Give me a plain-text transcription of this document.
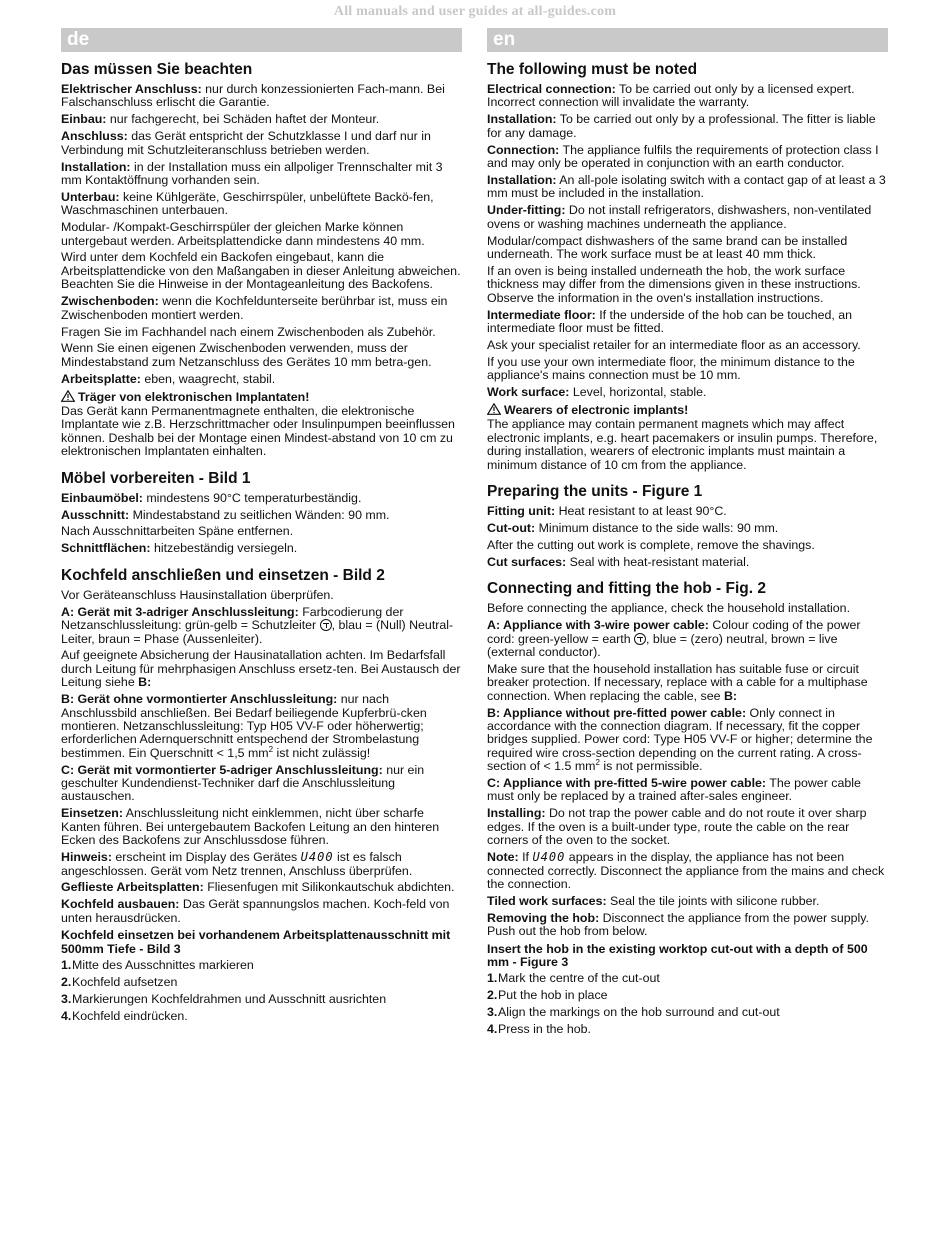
All manuals and user guides at all-guides.com
de
Das müssen Sie beachten

Elektrischer Anschluss: nur durch konzessionierten Fach-mann. Bei Falschanschluss erlischt die Garantie.

Einbau: nur fachgerecht, bei Schäden haftet der Monteur.

Anschluss: das Gerät entspricht der Schutzklasse I und darf nur in Verbindung mit Schutzleiteranschluss betrieben werden.

Installation: in der Installation muss ein allpoliger Trennschalter mit 3 mm Kontaktöffnung vorhanden sein.

Unterbau: keine Kühlgeräte, Geschirrspüler, unbelüftete Backö-fen, Waschmaschinen unterbauen.

Modular- /Kompakt-Geschirrspüler der gleichen Marke können untergebaut werden. Arbeitsplattendicke dann mindestens 40 mm.

Wird unter dem Kochfeld ein Backofen eingebaut, kann die Arbeitsplattendicke von den Maßangaben in dieser Anleitung abweichen. Beachten Sie die Hinweise in der Montageanleitung des Backofens.

Zwischenboden: wenn die Kochfeldunterseite berührbar ist, muss ein Zwischenboden montiert werden.

Fragen Sie im Fachhandel nach einem Zwischenboden als Zubehör.

Wenn Sie einen eigenen Zwischenboden verwenden, muss der Mindestabstand zum Netzanschluss des Gerätes 10 mm betra-gen.

Arbeitsplatte: eben, waagrecht, stabil.

Träger von elektronischen Implantaten!

Das Gerät kann Permanentmagnete enthalten, die elektronische Implantate wie z.B. Herzschrittmacher oder Insulinpumpen beeinflussen können. Deshalb bei der Montage einen Mindest-abstand von 10 cm zu elektronischen Implantaten einhalten.

Möbel vorbereiten - Bild 1

Einbaumöbel: mindestens 90°C temperaturbeständig.

Ausschnitt: Mindestabstand zu seitlichen Wänden: 90 mm.

Nach Ausschnittarbeiten Späne entfernen.

Schnittflächen: hitzebeständig versiegeln.

Kochfeld anschließen und einsetzen - Bild 2

Vor Geräteanschluss Hausinstallation überprüfen.

A: Gerät mit 3-adriger Anschlussleitung: Farbcodierung der Netzanschlussleitung: grün-gelb = Schutzleiter , blau = (Null) Neutral-Leiter, braun = Phase (Aussenleiter).

Auf geeignete Absicherung der Hausinatallation achten. Im Bedarfsfall durch Leitung für mehrphasigen Anschluss ersetz-ten. Bei Austausch der Leitung siehe B:

B: Gerät ohne vormontierter Anschlussleitung: nur nach Anschlussbild anschließen. Bei Bedarf beiliegende Kupferbrü-cken montieren. Netzanschlussleitung: Typ H05 VV-F oder höherwertig; erforderlichen Adernquerschnitt entspechend der Strombelastung bestimmen. Ein Querschnitt < 1,5 $mm^2$ ist nicht zulässig!

C: Gerät mit vormontierter 5-adriger Anschlussleitung: nur ein geschulter Kundendienst-Techniker darf die Anschlussleitung austauschen.

Einsetzen: Anschlussleitung nicht einklemmen, nicht über scharfe Kanten führen. Bei untergebautem Backofen Leitung an den hinteren Ecken des Backofens zur Anschlussdose führen.

Hinweis: erscheint im Display des Gerätes U400 ist es falsch angeschlossen. Gerät vom Netz trennen, Anschluss überprüfen.

Geflieste Arbeitsplatten: Fliesenfugen mit Silikonkautschuk abdichten.

Kochfeld ausbauen: Das Gerät spannungslos machen. Koch-feld von unten herausdrücken.

Kochfeld einsetzen bei vorhandenem Arbeitsplattenausschnitt mit 500mm Tiefe - Bild 3
1.Mitte des Ausschnittes markieren
2.Kochfeld aufsetzen
3.Markierungen Kochfeldrahmen und Ausschnitt ausrichten
4.Kochfeld eindrücken.
en
The following must be noted

Electrical connection: To be carried out only by a licensed expert. Incorrect connection will invalidate the warranty.

Installation: To be carried out only by a professional. The fitter is liable for any damage.

Connection: The appliance fulfils the requirements of protection class I and may only be operated in conjunction with an earth conductor.

Installation: An all-pole isolating switch with a contact gap of at least a 3 mm must be included in the installation.

Under-fitting: Do not install refrigerators, dishwashers, non-ventilated ovens or washing machines underneath the appliance.

Modular/compact dishwashers of the same brand can be installed underneath. The work surface must be at least 40 mm thick.

If an oven is being installed underneath the hob, the work surface thickness may differ from the dimensions given in these instructions. Observe the information in the oven's installation instructions.

Intermediate floor: If the underside of the hob can be touched, an intermediate floor must be fitted.

Ask your specialist retailer for an intermediate floor as an accessory.

If you use your own intermediate floor, the minimum distance to the appliance's mains connection must be 10 mm.

Work surface: Level, horizontal, stable.

Wearers of electronic implants!

The appliance may contain permanent magnets which may affect electronic implants, e.g. heart pacemakers or insulin pumps. Therefore, during installation, wearers of electronic implants must maintain a minimum distance of 10 cm from the appliance.

Preparing the units - Figure 1

Fitting unit: Heat resistant to at least 90°C.

Cut-out: Minimum distance to the side walls: 90 mm.

After the cutting out work is complete, remove the shavings.

Cut surfaces: Seal with heat-resistant material.

Connecting and fitting the hob - Fig. 2

Before connecting the appliance, check the household installation.

A: Appliance with 3-wire power cable: Colour coding of the power cord: green-yellow = earth , blue = (zero) neutral, brown = live (external conductor).

Make sure that the household installation has suitable fuse or circuit breaker protection. If necessary, replace with a cable for a multiphase connection. When replacing the cable, see B:

B: Appliance without pre-fitted power cable: Only connect in accordance with the connection diagram. If necessary, fit the copper bridges supplied. Power cord: Type H05 VV-F or higher; determine the required wire cross-section depending on the current rating. A cross-section of < 1.5 $mm^2$ is not permissible.

C: Appliance with pre-fitted 5-wire power cable: The power cable must only be replaced by a trained after-sales engineer.

Installing: Do not trap the power cable and do not route it over sharp edges. If the oven is a built-under type, route the cable on the rear corners of the oven to the socket.

Note: If U400 appears in the display, the appliance has not been connected correctly. Disconnect the appliance from the mains and check the connection.

Tiled work surfaces: Seal the tile joints with silicone rubber.

Removing the hob: Disconnect the appliance from the power supply. Push out the hob from below.

Insert the hob in the existing worktop cut-out with a depth of 500 mm - Figure 3
1.Mark the centre of the cut-out
2.Put the hob in place
3.Align the markings on the hob surround and cut-out
4.Press in the hob.
